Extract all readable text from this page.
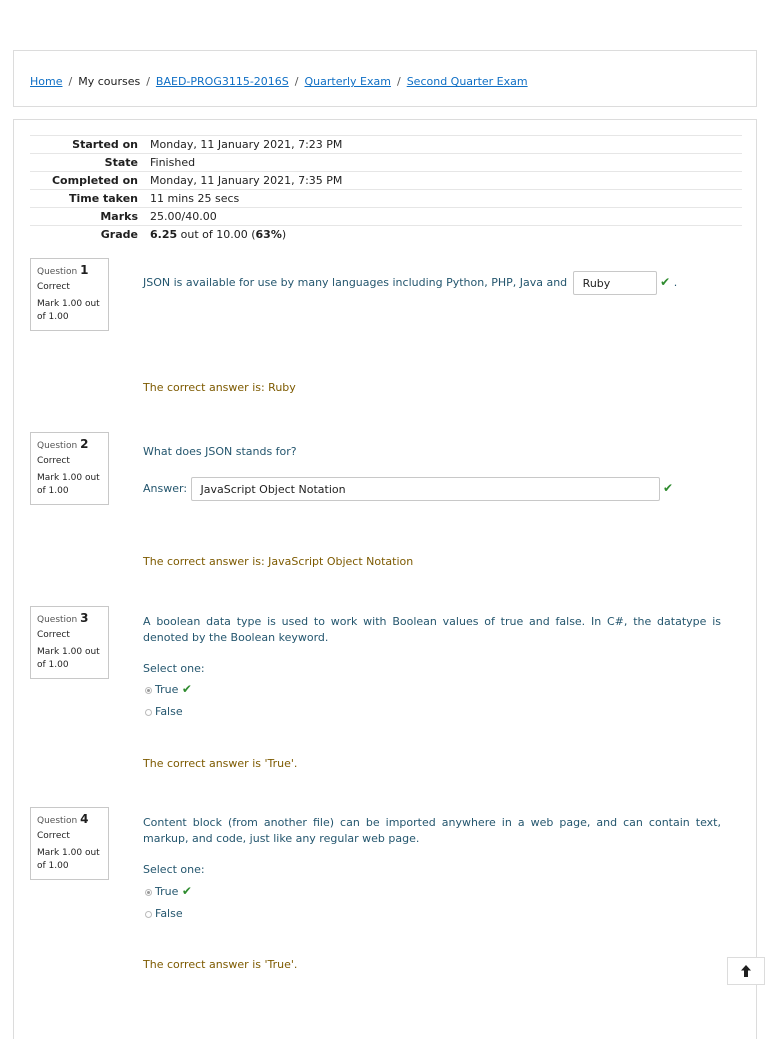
Home / My courses / BAED-PROG3115-2016S / Quarterly Exam / Second Quarter Exam
Started on	Monday, 11 January 2021, 7:23 PM
State	Finished
Completed on	Monday, 11 January 2021, 7:35 PM
Time taken	11 mins 25 secs
Marks	25.00/40.00
Grade	6.25 out of 10.00 (63%)
Question 1
Correct
Mark 1.00 out of 1.00
JSON is available for use by many languages including Python, PHP, Java and Ruby	✔ .
The correct answer is: Ruby
Question 2
Correct
Mark 1.00 out of 1.00
What does JSON stands for?
Answer: JavaScript Object Notation	✔
The correct answer is: JavaScript Object Notation
Question 3
Correct
Mark 1.00 out of 1.00
A boolean data type is used to work with Boolean values of true and false. In C#, the datatype is denoted by the Boolean keyword.
Select one:
True ✔
False
The correct answer is 'True'.
Question 4
Correct
Mark 1.00 out of 1.00
Content block (from another file) can be imported anywhere in a web page, and can contain text, markup, and code, just like any regular web page.
Select one:
True ✔
False
The correct answer is 'True'.
